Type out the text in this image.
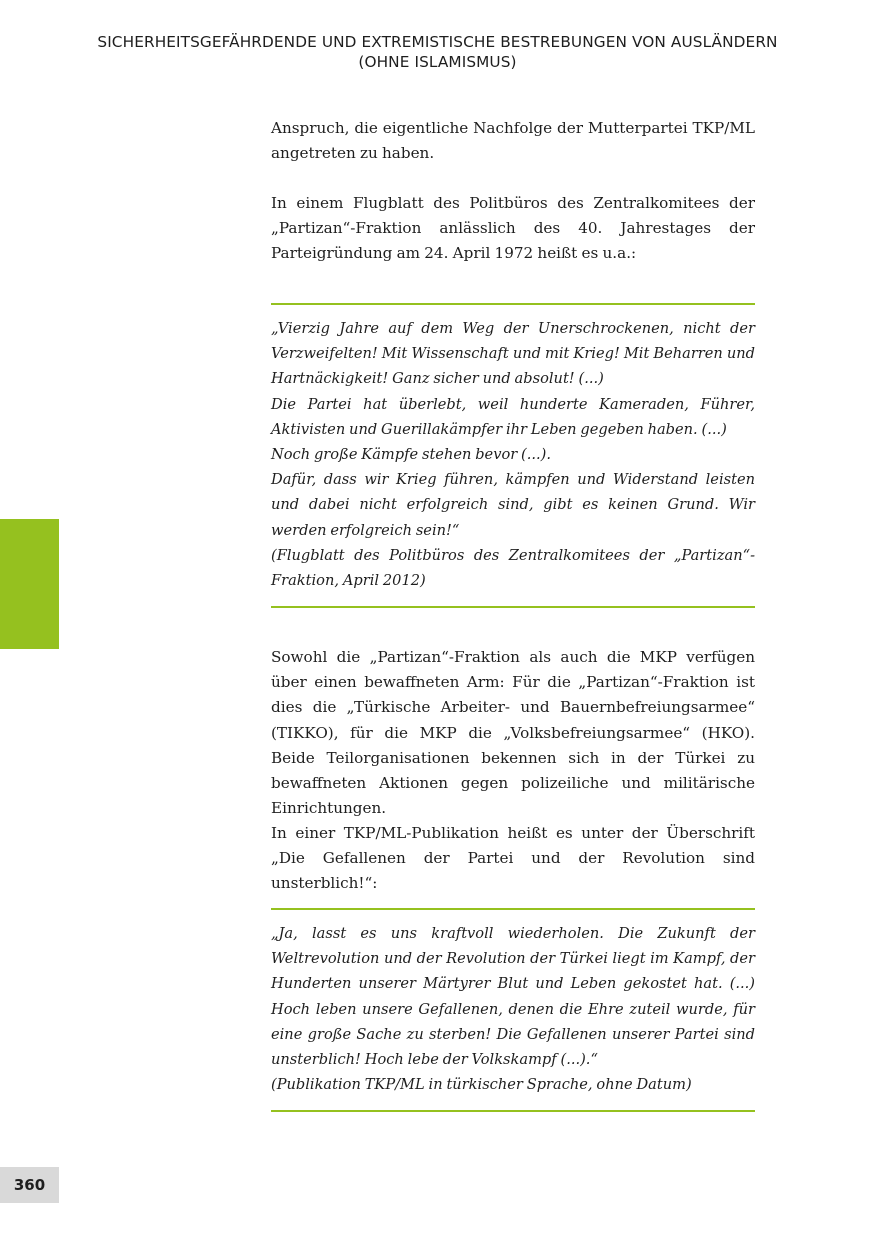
SICHERHEITSGEFÄHRDENDE UND EXTREMISTISCHE BESTREBUNGEN VON AUSLÄNDERN
(OHNE ISLAMISMUS)
360

Anspruch, die eigentliche Nachfolge der Mutterpartei TKP/ML angetreten zu haben.

In einem Flugblatt des Politbüros des Zentralkomitees der „Partizan“-Fraktion anlässlich des 40. Jahrestages der Parteigründung am 24. April 1972 heißt es u.a.:

„Vierzig Jahre auf dem Weg der Unerschrockenen, nicht der Verzweifelten! Mit Wissenschaft und mit Krieg! Mit Beharren und Hartnäckigkeit! Ganz sicher und absolut! (...)
Die Partei hat überlebt, weil hunderte Kameraden, Führer, Aktivisten und Guerillakämpfer ihr Leben gegeben haben. (...)
Noch große Kämpfe stehen bevor (...).
Dafür, dass wir Krieg führen, kämpfen und Widerstand leisten und dabei nicht erfolgreich sind, gibt es keinen Grund. Wir werden erfolgreich sein!“
(Flugblatt des Politbüros des Zentralkomitees der „Partizan“-Fraktion, April 2012)

Sowohl die „Partizan“-Fraktion als auch die MKP verfügen über einen bewaffneten Arm: Für die „Partizan“-Fraktion ist dies die „Türkische Arbeiter- und Bauernbefreiungsarmee“ (TIKKO), für die MKP die „Volksbefreiungsarmee“ (HKO). Beide Teilorganisationen bekennen sich in der Türkei zu bewaffneten Aktionen gegen polizeiliche und militärische Einrichtungen.

In einer TKP/ML-Publikation heißt es unter der Überschrift „Die Gefallenen der Partei und der Revolution sind unsterblich!“:

„Ja, lasst es uns kraftvoll wiederholen. Die Zukunft der Weltrevolution und der Revolution der Türkei liegt im Kampf, der Hunderten unserer Märtyrer Blut und Leben gekostet hat. (...) Hoch leben unsere Gefallenen, denen die Ehre zuteil wurde, für eine große Sache zu sterben! Die Gefallenen unserer Partei sind unsterblich! Hoch lebe der Volkskampf (...).“
(Publikation TKP/ML in türkischer Sprache, ohne Datum)
